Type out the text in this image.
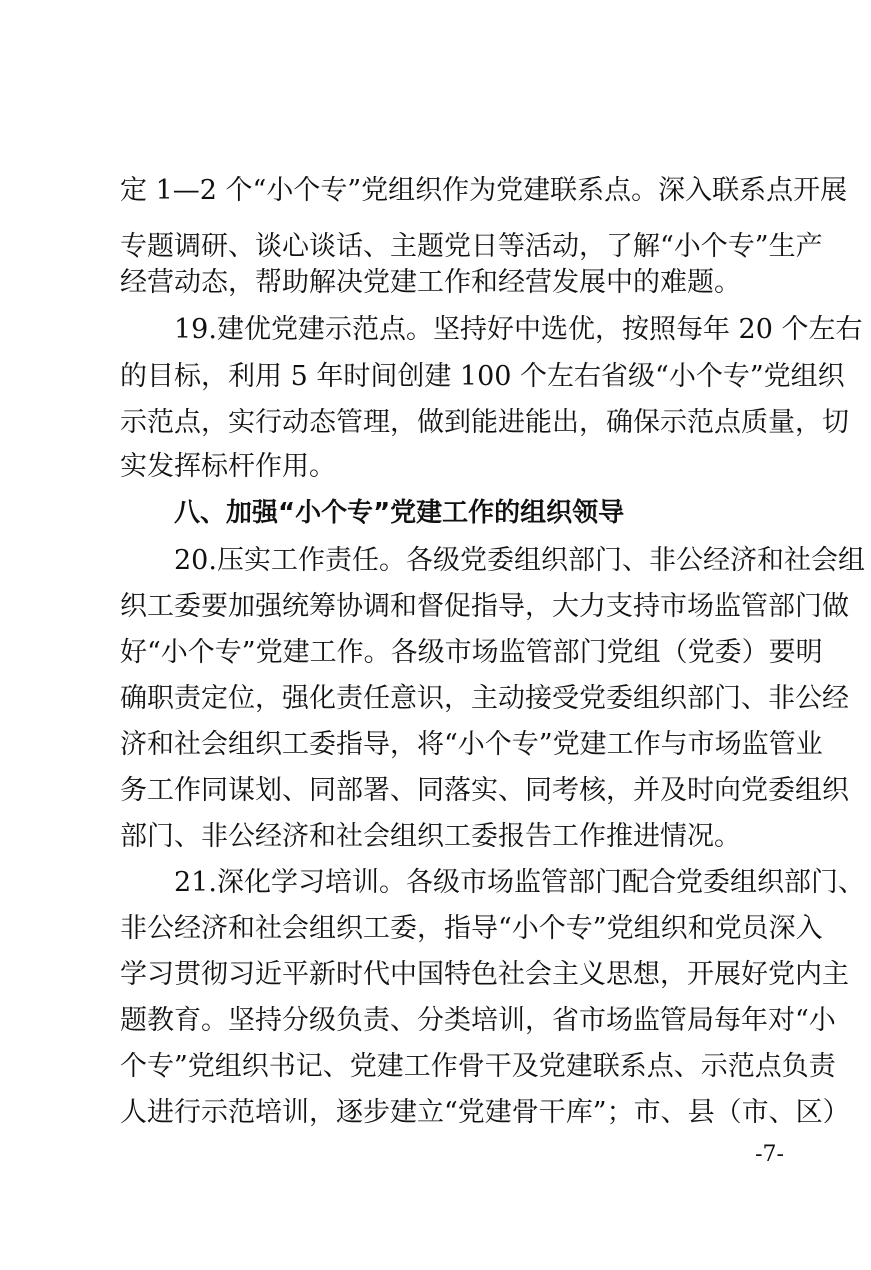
定 1—2 个“小个专”党组织作为党建联系点。深入联系点开展
专题调研、谈心谈话、主题党日等活动，了解“小个专”生产
经营动态，帮助解决党建工作和经营发展中的难题。
19.建优党建示范点。坚持好中选优，按照每年 20 个左右
的目标，利用 5 年时间创建 100 个左右省级“小个专”党组织
示范点，实行动态管理，做到能进能出，确保示范点质量，切
实发挥标杆作用。
八、加强“小个专”党建工作的组织领导
20.压实工作责任。各级党委组织部门、非公经济和社会组
织工委要加强统筹协调和督促指导，大力支持市场监管部门做
好“小个专”党建工作。各级市场监管部门党组（党委）要明
确职责定位，强化责任意识，主动接受党委组织部门、非公经
济和社会组织工委指导，将“小个专”党建工作与市场监管业
务工作同谋划、同部署、同落实、同考核，并及时向党委组织
部门、非公经济和社会组织工委报告工作推进情况。
21.深化学习培训。各级市场监管部门配合党委组织部门、
非公经济和社会组织工委，指导“小个专”党组织和党员深入
学习贯彻习近平新时代中国特色社会主义思想，开展好党内主
题教育。坚持分级负责、分类培训，省市场监管局每年对“小
个专”党组织书记、党建工作骨干及党建联系点、示范点负责
人进行示范培训，逐步建立“党建骨干库”；市、县（市、区）
-7-
